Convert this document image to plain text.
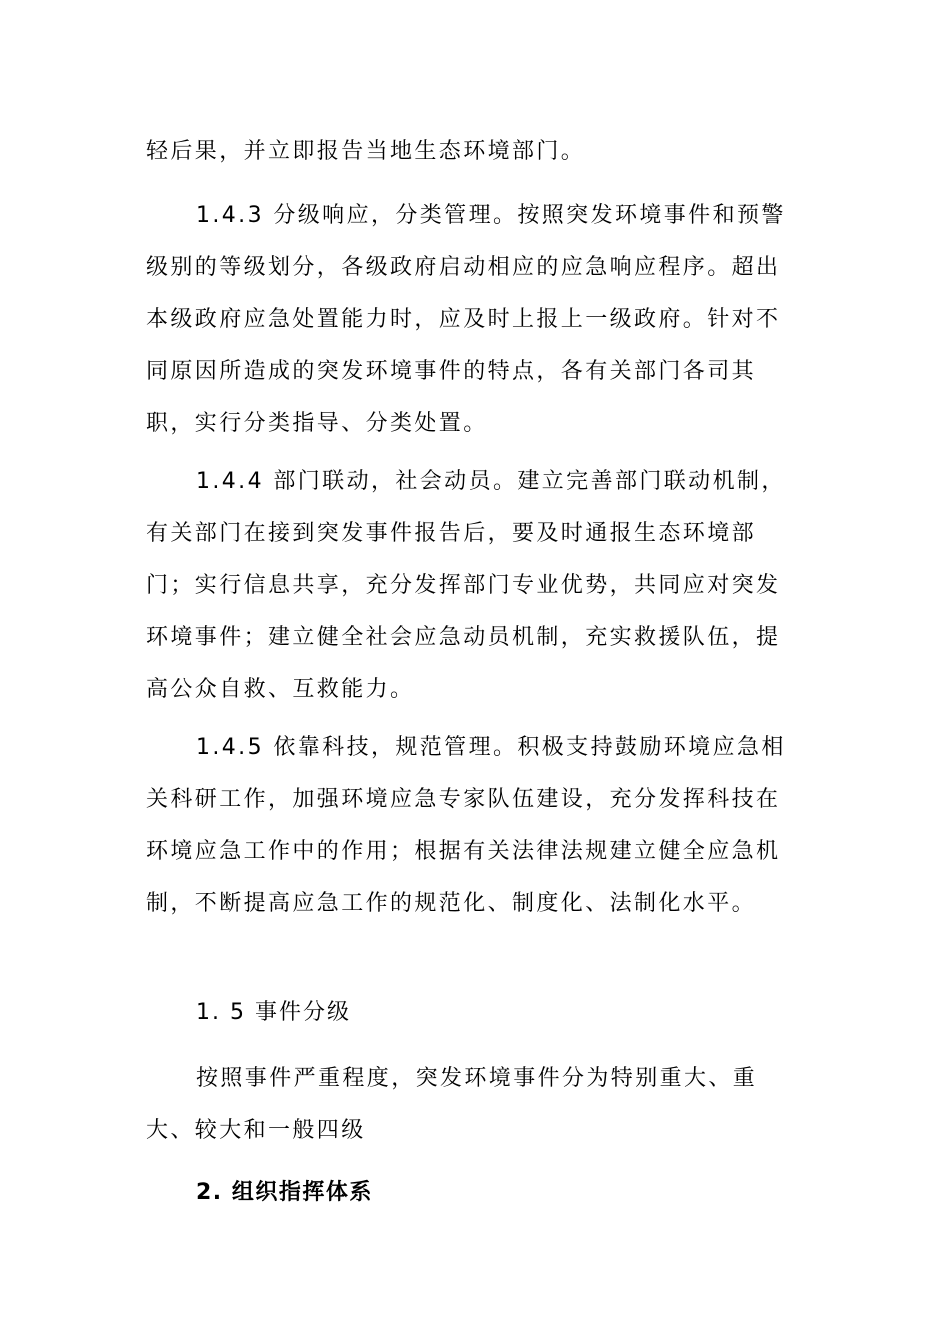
轻后果，并立即报告当地生态环境部门。

1.4.3 分级响应，分类管理。按照突发环境事件和预警级别的等级划分，各级政府启动相应的应急响应程序。超出本级政府应急处置能力时，应及时上报上一级政府。针对不同原因所造成的突发环境事件的特点，各有关部门各司其职，实行分类指导、分类处置。

1.4.4 部门联动，社会动员。建立完善部门联动机制，有关部门在接到突发事件报告后，要及时通报生态环境部门；实行信息共享，充分发挥部门专业优势，共同应对突发环境事件；建立健全社会应急动员机制，充实救援队伍，提高公众自救、互救能力。

1.4.5 依靠科技，规范管理。积极支持鼓励环境应急相关科研工作，加强环境应急专家队伍建设，充分发挥科技在环境应急工作中的作用；根据有关法律法规建立健全应急机制，不断提高应急工作的规范化、制度化、法制化水平。

1. 5 事件分级

按照事件严重程度，突发环境事件分为特别重大、重大、较大和一般四级

2. 组织指挥体系
